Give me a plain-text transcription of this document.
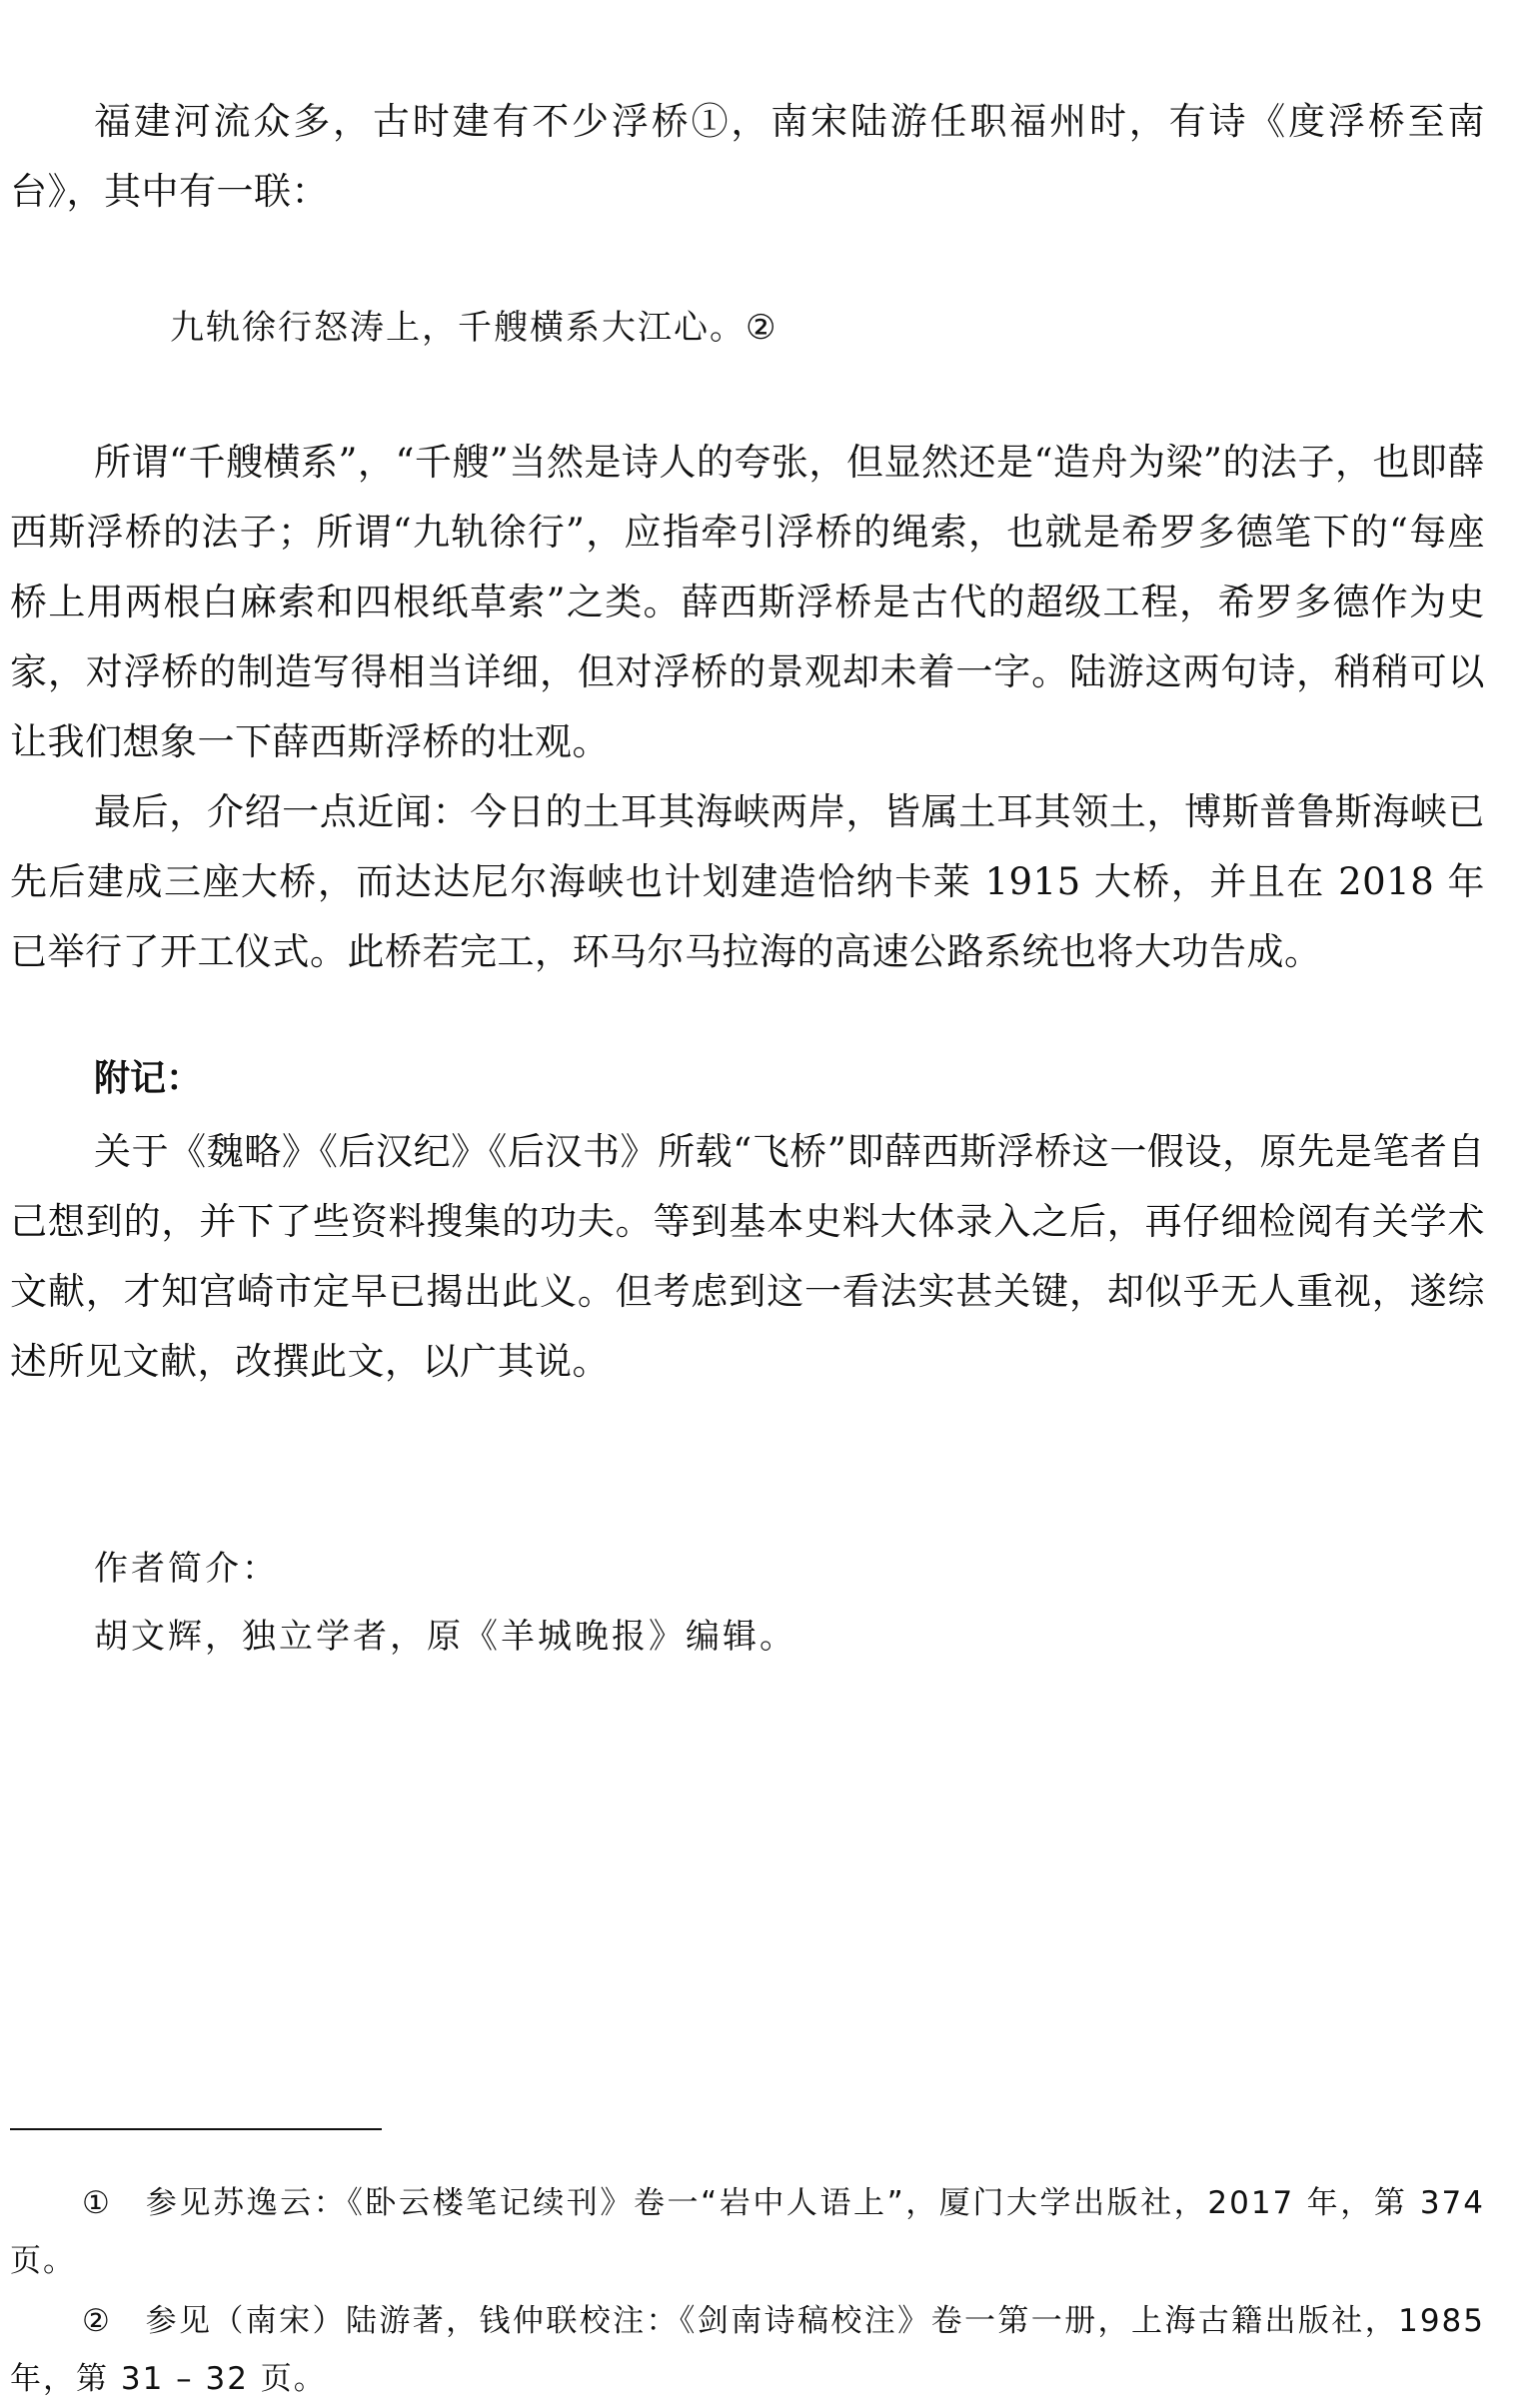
福建河流众多，古时建有不少浮桥①，南宋陆游任职福州时，有诗《度浮桥至南台》，其中有一联：

九轨徐行怒涛上，千艘横系大江心。②

所谓“千艘横系”，“千艘”当然是诗人的夸张，但显然还是“造舟为梁”的法子，也即薛西斯浮桥的法子；所谓“九轨徐行”，应指牵引浮桥的绳索，也就是希罗多德笔下的“每座桥上用两根白麻索和四根纸草索”之类。薛西斯浮桥是古代的超级工程，希罗多德作为史家，对浮桥的制造写得相当详细，但对浮桥的景观却未着一字。陆游这两句诗，稍稍可以让我们想象一下薛西斯浮桥的壮观。

最后，介绍一点近闻：今日的土耳其海峡两岸，皆属土耳其领土，博斯普鲁斯海峡已先后建成三座大桥，而达达尼尔海峡也计划建造恰纳卡莱 1915 大桥，并且在 2018 年已举行了开工仪式。此桥若完工，环马尔马拉海的高速公路系统也将大功告成。

附记：

关于《魏略》《后汉纪》《后汉书》所载“飞桥”即薛西斯浮桥这一假设，原先是笔者自己想到的，并下了些资料搜集的功夫。等到基本史料大体录入之后，再仔细检阅有关学术文献，才知宫崎市定早已揭出此义。但考虑到这一看法实甚关键，却似乎无人重视，遂综述所见文献，改撰此文，以广其说。

作者简介：

胡文辉，独立学者，原《羊城晚报》编辑。

①　参见苏逸云：《卧云楼笔记续刊》卷一“岩中人语上”，厦门大学出版社，2017 年，第 374 页。

②　参见（南宋）陆游著，钱仲联校注：《剑南诗稿校注》卷一第一册，上海古籍出版社，1985 年，第 31 – 32 页。
